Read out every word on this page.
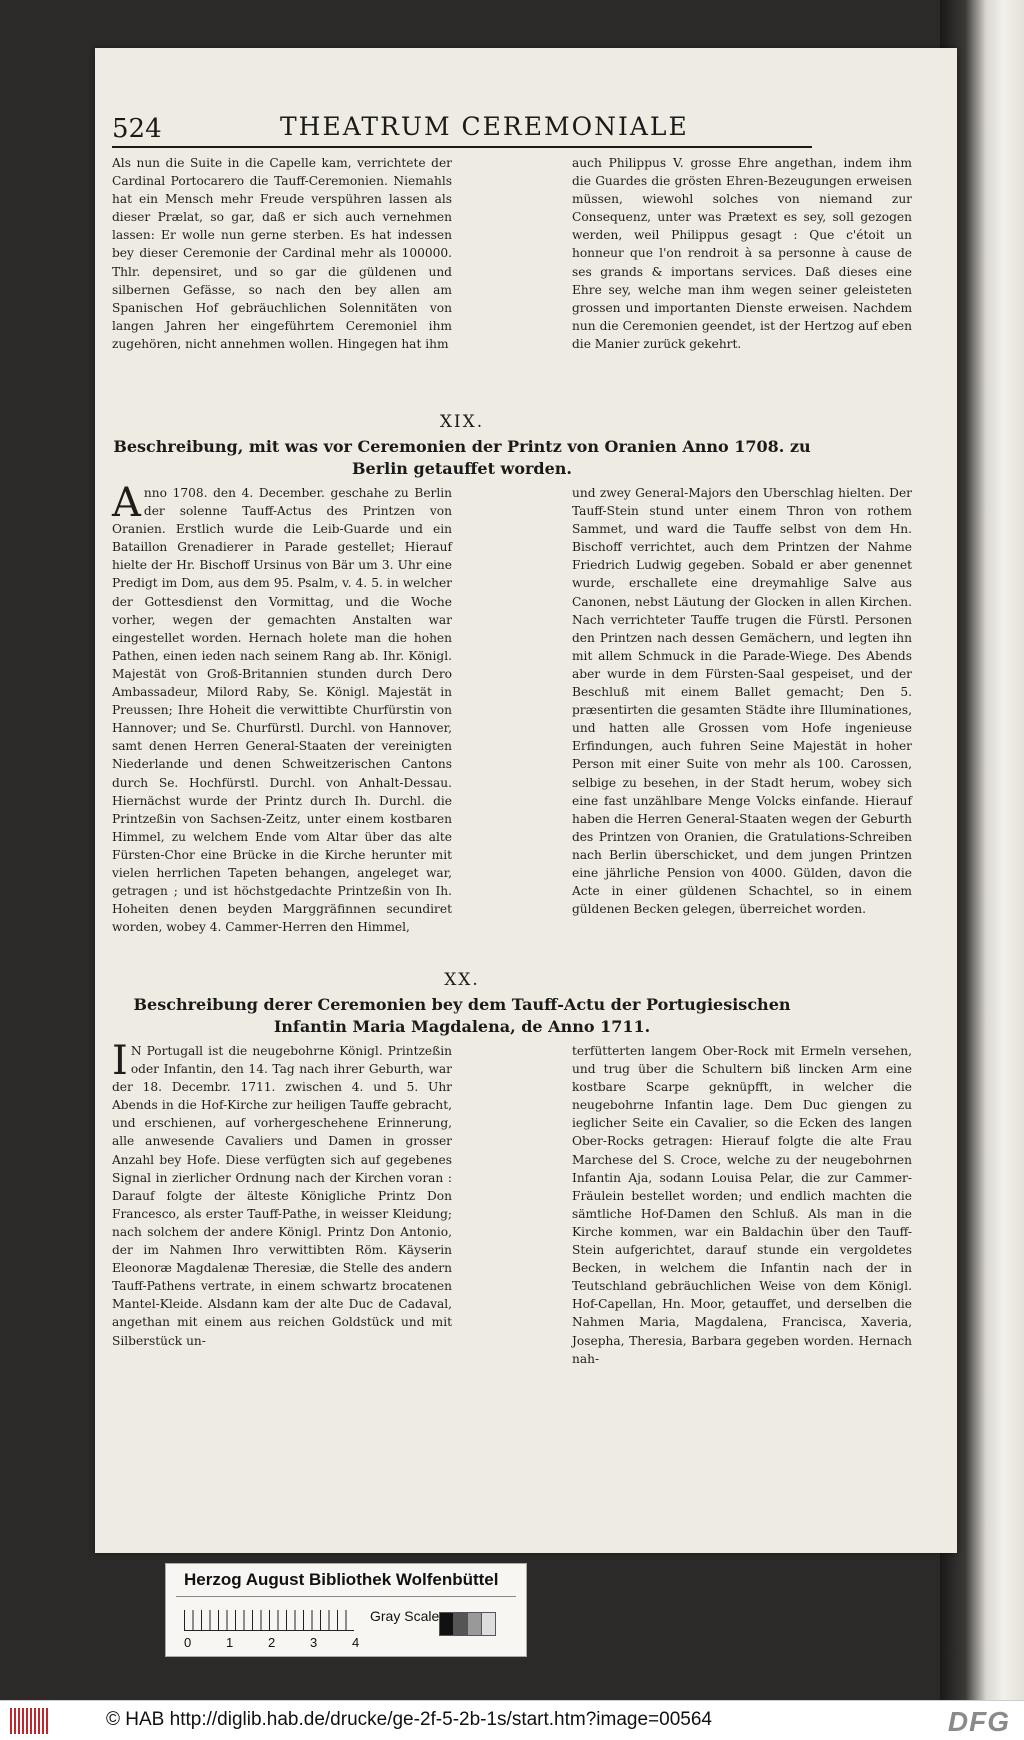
524	THEATRUM CEREMONIALE

Als nun die Suite in die Capelle kam, verrichtete der Cardinal Portocarero die Tauff-Ceremonien. Niemahls hat ein Mensch mehr Freude verspühren lassen als dieser Prælat, so gar, daß er sich auch vernehmen lassen: Er wolle nun gerne sterben. Es hat indessen bey dieser Ceremonie der Cardinal mehr als 100000. Thlr. depensiret, und so gar die güldenen und silbernen Gefässe, so nach den bey allen am Spanischen Hof gebräuchlichen Solennitäten von langen Jahren her eingeführtem Ceremoniel ihm zugehören, nicht annehmen wollen. Hingegen hat ihm

auch Philippus V. grosse Ehre angethan, indem ihm die Guardes die grösten Ehren-Bezeugungen erweisen müssen, wiewohl solches von niemand zur Consequenz, unter was Prætext es sey, soll gezogen werden, weil Philippus gesagt : Que c'étoit un honneur que l'on rendroit à sa personne à cause de ses grands & importans services. Daß dieses eine Ehre sey, welche man ihm wegen seiner geleisteten grossen und importanten Dienste erweisen. Nachdem nun die Ceremonien geendet, ist der Hertzog auf eben die Manier zurück gekehrt.

XIX.
Beschreibung, mit was vor Ceremonien der Printz von Oranien Anno 1708. zu Berlin getauffet worden.

Anno 1708. den 4. December. geschahe zu Berlin der solenne Tauff-Actus des Printzen von Oranien. Erstlich wurde die Leib-Guarde und ein Bataillon Grenadierer in Parade gestellet; Hierauf hielte der Hr. Bischoff Ursinus von Bär um 3. Uhr eine Predigt im Dom, aus dem 95. Psalm, v. 4. 5. in welcher der Gottesdienst den Vormittag, und die Woche vorher, wegen der gemachten Anstalten war eingestellet worden. Hernach holete man die hohen Pathen, einen ieden nach seinem Rang ab. Ihr. Königl. Majestät von Groß-Britannien stunden durch Dero Ambassadeur, Milord Raby, Se. Königl. Majestät in Preussen; Ihre Hoheit die verwittibte Churfürstin von Hannover; und Se. Churfürstl. Durchl. von Hannover, samt denen Herren General-Staaten der vereinigten Niederlande und denen Schweitzerischen Cantons durch Se. Hochfürstl. Durchl. von Anhalt-Dessau. Hiernächst wurde der Printz durch Ih. Durchl. die Printzeßin von Sachsen-Zeitz, unter einem kostbaren Himmel, zu welchem Ende vom Altar über das alte Fürsten-Chor eine Brücke in die Kirche herunter mit vielen herrlichen Tapeten behangen, angeleget war, getragen ; und ist höchstgedachte Printzeßin von Ih. Hoheiten denen beyden Marggräfinnen secundiret worden, wobey 4. Cammer-Herren den Himmel,

und zwey General-Majors den Uberschlag hielten. Der Tauff-Stein stund unter einem Thron von rothem Sammet, und ward die Tauffe selbst von dem Hn. Bischoff verrichtet, auch dem Printzen der Nahme Friedrich Ludwig gegeben. Sobald er aber genennet wurde, erschallete eine dreymahlige Salve aus Canonen, nebst Läutung der Glocken in allen Kirchen. Nach verrichteter Tauffe trugen die Fürstl. Personen den Printzen nach dessen Gemächern, und legten ihn mit allem Schmuck in die Parade-Wiege. Des Abends aber wurde in dem Fürsten-Saal gespeiset, und der Beschluß mit einem Ballet gemacht; Den 5. præsentirten die gesamten Städte ihre Illuminationes, und hatten alle Grossen vom Hofe ingenieuse Erfindungen, auch fuhren Seine Majestät in hoher Person mit einer Suite von mehr als 100. Carossen, selbige zu besehen, in der Stadt herum, wobey sich eine fast unzählbare Menge Volcks einfande. Hierauf haben die Herren General-Staaten wegen der Geburth des Printzen von Oranien, die Gratulations-Schreiben nach Berlin überschicket, und dem jungen Printzen eine jährliche Pension von 4000. Gülden, davon die Acte in einer güldenen Schachtel, so in einem güldenen Becken gelegen, überreichet worden.

XX.
Beschreibung derer Ceremonien bey dem Tauff-Actu der Portugiesischen Infantin Maria Magdalena, de Anno 1711.

I N Portugall ist die neugebohrne Königl. Printzeßin oder Infantin, den 14. Tag nach ihrer Geburth, war der 18. Decembr. 1711. zwischen 4. und 5. Uhr Abends in die Hof-Kirche zur heiligen Tauffe gebracht, und erschienen, auf vorhergeschehene Erinnerung, alle anwesende Cavaliers und Damen in grosser Anzahl bey Hofe. Diese verfügten sich auf gegebenes Signal in zierlicher Ordnung nach der Kirchen voran : Darauf folgte der älteste Königliche Printz Don Francesco, als erster Tauff-Pathe, in weisser Kleidung; nach solchem der andere Königl. Printz Don Antonio, der im Nahmen Ihro verwittibten Röm. Käyserin Eleonoræ Magdalenæ Theresiæ, die Stelle des andern Tauff-Pathens vertrate, in einem schwartz brocatenen Mantel-Kleide. Alsdann kam der alte Duc de Cadaval, angethan mit einem aus reichen Goldstück und mit Silberstück un-

terfütterten langem Ober-Rock mit Ermeln versehen, und trug über die Schultern biß lincken Arm eine kostbare Scarpe geknüpfft, in welcher die neugebohrne Infantin lage. Dem Duc giengen zu ieglicher Seite ein Cavalier, so die Ecken des langen Ober-Rocks getragen: Hierauf folgte die alte Frau Marchese del S. Croce, welche zu der neugebohrnen Infantin Aja, sodann Louisa Pelar, die zur Cammer-Fräulein bestellet worden; und endlich machten die sämtliche Hof-Damen den Schluß. Als man in die Kirche kommen, war ein Baldachin über den Tauff-Stein aufgerichtet, darauf stunde ein vergoldetes Becken, in welchem die Infantin nach der in Teutschland gebräuchlichen Weise von dem Königl. Hof-Capellan, Hn. Moor, getauffet, und derselben die Nahmen Maria, Magdalena, Francisca, Xaveria, Josepha, Theresia, Barbara gegeben worden. Hernach nah-

Herzog August Bibliothek Wolfenbüttel
0	1	2	3	4
Gray Scale
© HAB http://diglib.hab.de/drucke/ge-2f-5-2b-1s/start.htm?image=00564	DFG
